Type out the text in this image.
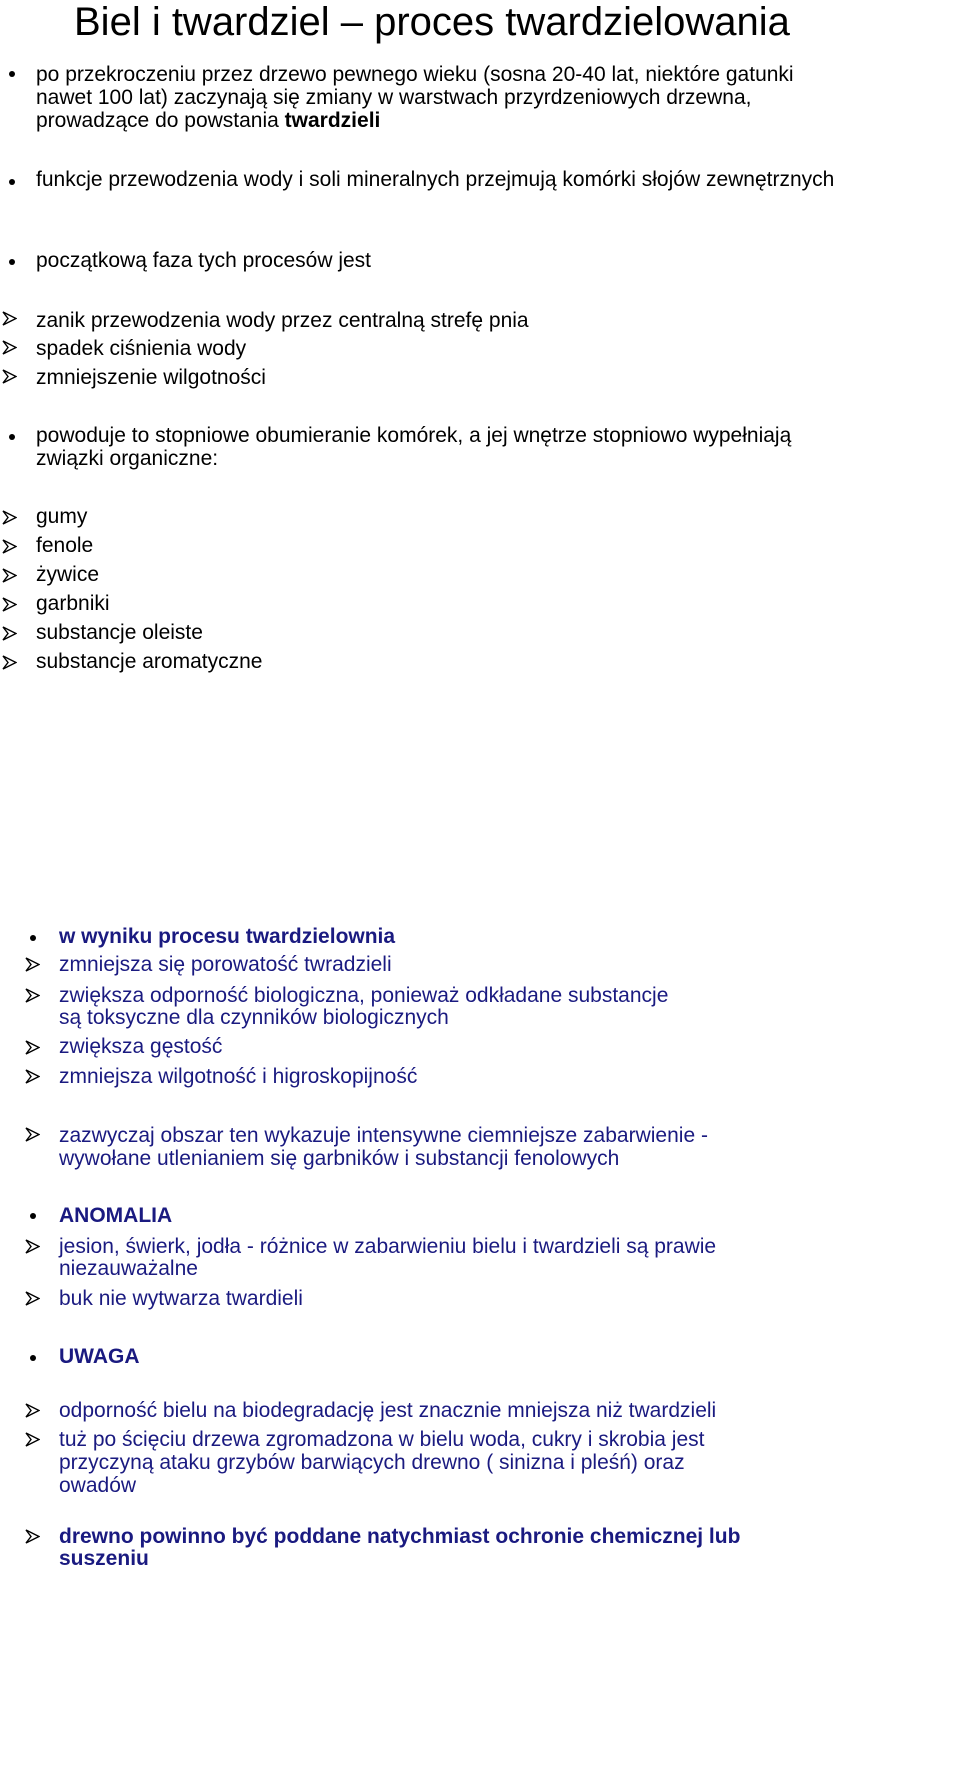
Biel i twardziel – proces twardzielowania
po przekroczeniu przez drzewo pewnego wieku (sosna 20-40 lat, niektóre gatunki nawet 100 lat) zaczynają się zmiany w warstwach przyrdzeniowych drzewna, prowadzące do powstania twardzieli
funkcje przewodzenia wody i soli mineralnych przejmują komórki słojów zewnętrznych
początkową faza tych procesów jest
zanik przewodzenia wody przez centralną strefę pnia
spadek ciśnienia wody
zmniejszenie wilgotności
powoduje to stopniowe obumieranie komórek, a jej wnętrze stopniowo wypełniają związki organiczne:
gumy
fenole
żywice
garbniki
substancje oleiste
substancje aromatyczne
w wyniku procesu twardzielownia
zmniejsza się porowatość twradzieli
zwiększa odporność biologiczna, ponieważ odkładane substancje
są toksyczne dla czynników biologicznych
zwiększa gęstość
zmniejsza wilgotność i higroskopijność
zazwyczaj obszar ten wykazuje intensywne ciemniejsze zabarwienie -
wywołane utlenianiem się garbników i substancji fenolowych
ANOMALIA
jesion, świerk, jodła - różnice w zabarwieniu bielu i twardzieli są prawie
niezauważalne
buk nie wytwarza twardieli
UWAGA
odporność bielu na biodegradację jest znacznie mniejsza niż twardzieli
tuż po ścięciu drzewa zgromadzona w bielu woda, cukry i skrobia jest
przyczyną ataku grzybów barwiących drewno ( sinizna i pleśń) oraz
owadów
drewno powinno być poddane natychmiast ochronie chemicznej lub
suszeniu
